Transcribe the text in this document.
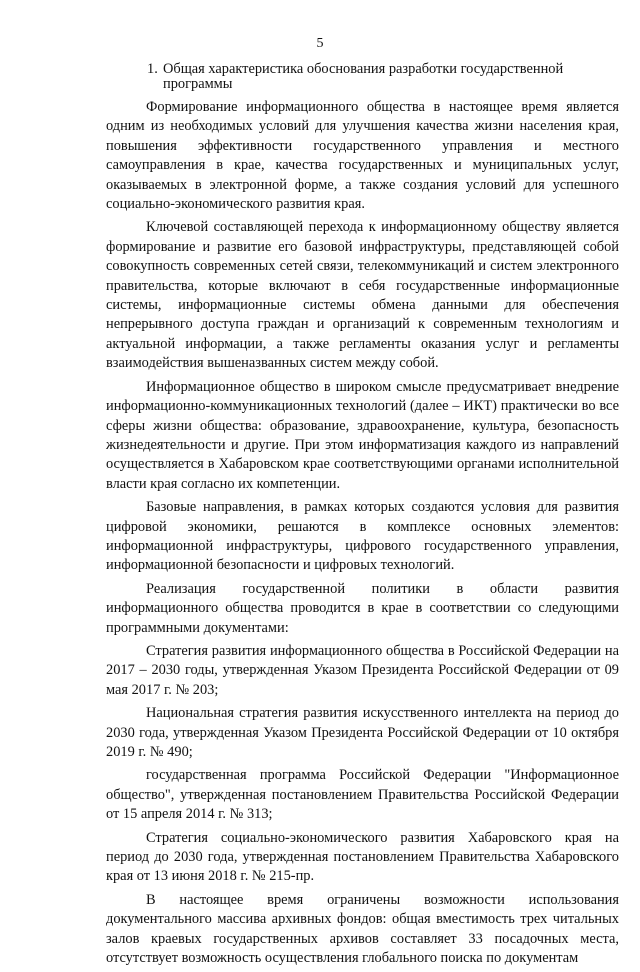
5
1. Общая характеристика обоснования разработки государственной программы

Формирование информационного общества в настоящее время является одним из необходимых условий для улучшения качества жизни населения края, повышения эффективности государственного управления и местного самоуправления в крае, качества государственных и муниципальных услуг, оказываемых в электронной форме, а также создания условий для успешного социально-экономического развития края.

Ключевой составляющей перехода к информационному обществу является формирование и развитие его базовой инфраструктуры, представляющей собой совокупность современных сетей связи, телекоммуникаций и систем электронного правительства, которые включают в себя государственные информационные системы, информационные системы обмена данными для обеспечения непрерывного доступа граждан и организаций к современным технологиям и актуальной информации, а также регламенты оказания услуг и регламенты взаимодействия вышеназванных систем между собой.

Информационное общество в широком смысле предусматривает внедрение информационно-коммуникационных технологий (далее – ИКТ) практически во все сферы жизни общества: образование, здравоохранение, культура, безопасность жизнедеятельности и другие. При этом информатизация каждого из направлений осуществляется в Хабаровском крае соответствующими органами исполнительной власти края согласно их компетенции.

Базовые направления, в рамках которых создаются условия для развития цифровой экономики, решаются в комплексе основных элементов: информационной инфраструктуры, цифрового государственного управления, информационной безопасности и цифровых технологий.

Реализация государственной политики в области развития информационного общества проводится в крае в соответствии со следующими программными документами:

Стратегия развития информационного общества в Российской Федерации на 2017 – 2030 годы, утвержденная Указом Президента Российской Федерации от 09 мая 2017 г. № 203;

Национальная стратегия развития искусственного интеллекта на период до 2030 года, утвержденная Указом Президента Российской Федерации от 10 октября 2019 г. № 490;

государственная программа Российской Федерации "Информационное общество", утвержденная постановлением Правительства Российской Федерации от 15 апреля 2014 г. № 313;

Стратегия социально-экономического развития Хабаровского края на период до 2030 года, утвержденная постановлением Правительства Хабаровского края от 13 июня 2018 г. № 215-пр.

В настоящее время ограничены возможности использования документального массива архивных фондов: общая вместимость трех читальных залов краевых государственных архивов составляет 33 посадочных места, отсутствует возможность осуществления глобального поиска по документам
